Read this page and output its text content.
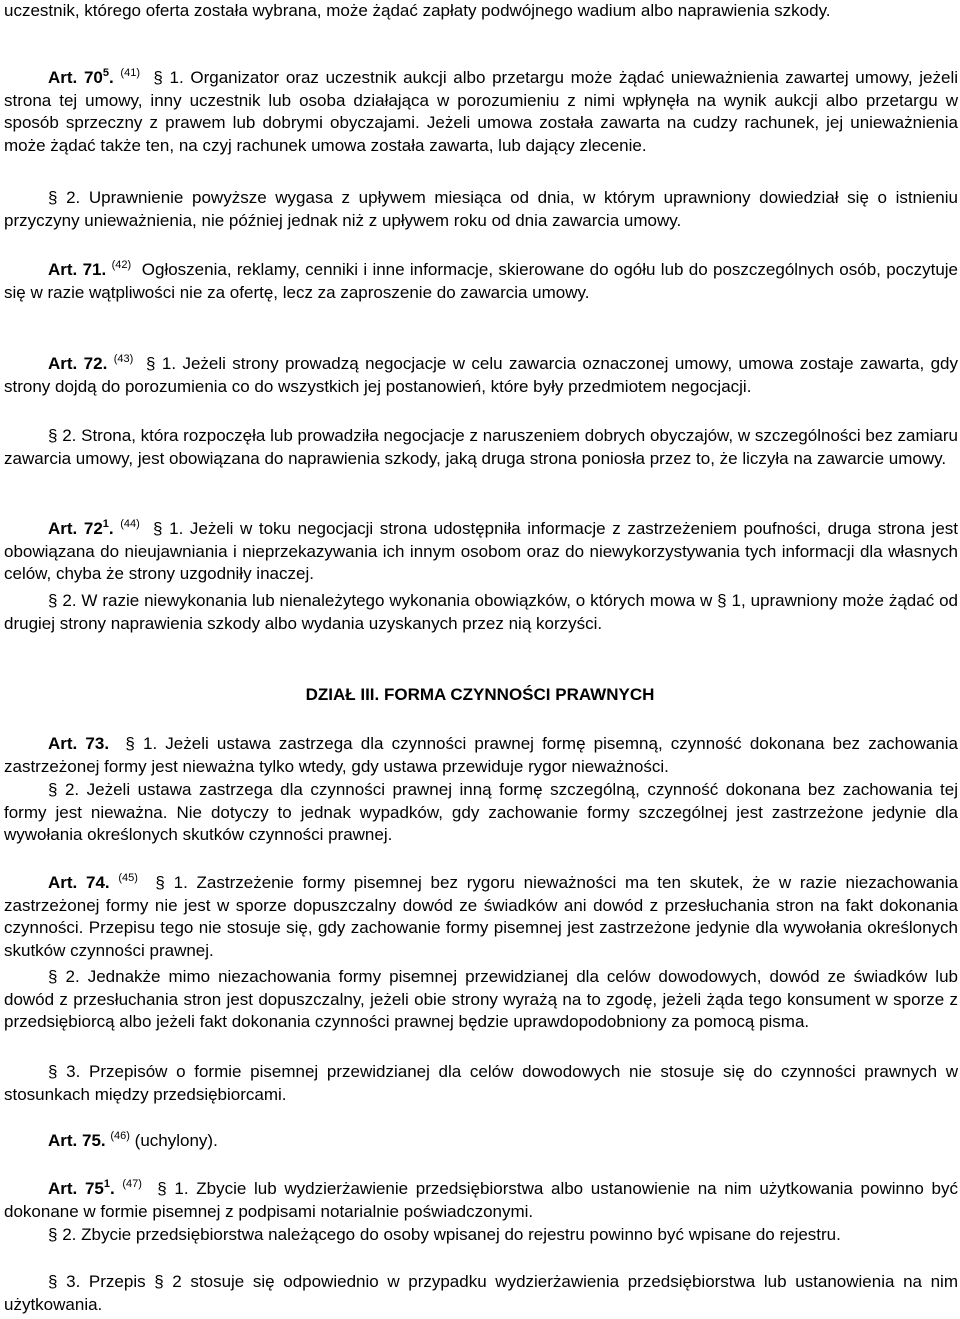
uczestnik, którego oferta została wybrana, może żądać zapłaty podwójnego wadium albo naprawienia szkody.

Art. $70^5$. $^{(41)}$ § 1. Organizator oraz uczestnik aukcji albo przetargu może żądać unieważnienia zawartej umowy, jeżeli strona tej umowy, inny uczestnik lub osoba działająca w porozumieniu z nimi wpłynęła na wynik aukcji albo przetargu w sposób sprzeczny z prawem lub dobrymi obyczajami. Jeżeli umowa została zawarta na cudzy rachunek, jej unieważnienia może żądać także ten, na czyj rachunek umowa została zawarta, lub dający zlecenie.

§ 2. Uprawnienie powyższe wygasa z upływem miesiąca od dnia, w którym uprawniony dowiedział się o istnieniu przyczyny unieważnienia, nie później jednak niż z upływem roku od dnia zawarcia umowy.

Art. 71. $^{(42)}$ Ogłoszenia, reklamy, cenniki i inne informacje, skierowane do ogółu lub do poszczególnych osób, poczytuje się w razie wątpliwości nie za ofertę, lecz za zaproszenie do zawarcia umowy.

Art. 72. $^{(43)}$ § 1. Jeżeli strony prowadzą negocjacje w celu zawarcia oznaczonej umowy, umowa zostaje zawarta, gdy strony dojdą do porozumienia co do wszystkich jej postanowień, które były przedmiotem negocjacji.

§ 2. Strona, która rozpoczęła lub prowadziła negocjacje z naruszeniem dobrych obyczajów, w szczególności bez zamiaru zawarcia umowy, jest obowiązana do naprawienia szkody, jaką druga strona poniosła przez to, że liczyła na zawarcie umowy.

Art. $72^1$. $^{(44)}$ § 1. Jeżeli w toku negocjacji strona udostępniła informacje z zastrzeżeniem poufności, druga strona jest obowiązana do nieujawniania i nieprzekazywania ich innym osobom oraz do niewykorzystywania tych informacji dla własnych celów, chyba że strony uzgodniły inaczej.

§ 2. W razie niewykonania lub nienależytego wykonania obowiązków, o których mowa w § 1, uprawniony może żądać od drugiej strony naprawienia szkody albo wydania uzyskanych przez nią korzyści.

DZIAŁ III. FORMA CZYNNOŚCI PRAWNYCH

Art. 73. § 1. Jeżeli ustawa zastrzega dla czynności prawnej formę pisemną, czynność dokonana bez zachowania zastrzeżonej formy jest nieważna tylko wtedy, gdy ustawa przewiduje rygor nieważności.

§ 2. Jeżeli ustawa zastrzega dla czynności prawnej inną formę szczególną, czynność dokonana bez zachowania tej formy jest nieważna. Nie dotyczy to jednak wypadków, gdy zachowanie formy szczególnej jest zastrzeżone jedynie dla wywołania określonych skutków czynności prawnej.

Art. 74. $^{(45)}$ § 1. Zastrzeżenie formy pisemnej bez rygoru nieważności ma ten skutek, że w razie niezachowania zastrzeżonej formy nie jest w sporze dopuszczalny dowód ze świadków ani dowód z przesłuchania stron na fakt dokonania czynności. Przepisu tego nie stosuje się, gdy zachowanie formy pisemnej jest zastrzeżone jedynie dla wywołania określonych skutków czynności prawnej.

§ 2. Jednakże mimo niezachowania formy pisemnej przewidzianej dla celów dowodowych, dowód ze świadków lub dowód z przesłuchania stron jest dopuszczalny, jeżeli obie strony wyrażą na to zgodę, jeżeli żąda tego konsument w sporze z przedsiębiorcą albo jeżeli fakt dokonania czynności prawnej będzie uprawdopodobniony za pomocą pisma.

§ 3. Przepisów o formie pisemnej przewidzianej dla celów dowodowych nie stosuje się do czynności prawnych w stosunkach między przedsiębiorcami.

Art. 75. $^{(46)}$ (uchylony).

Art. $75^1$. $^{(47)}$ § 1. Zbycie lub wydzierżawienie przedsiębiorstwa albo ustanowienie na nim użytkowania powinno być dokonane w formie pisemnej z podpisami notarialnie poświadczonymi.

§ 2. Zbycie przedsiębiorstwa należącego do osoby wpisanej do rejestru powinno być wpisane do rejestru.

§ 3. Przepis § 2 stosuje się odpowiednio w przypadku wydzierżawienia przedsiębiorstwa lub ustanowienia na nim użytkowania.
